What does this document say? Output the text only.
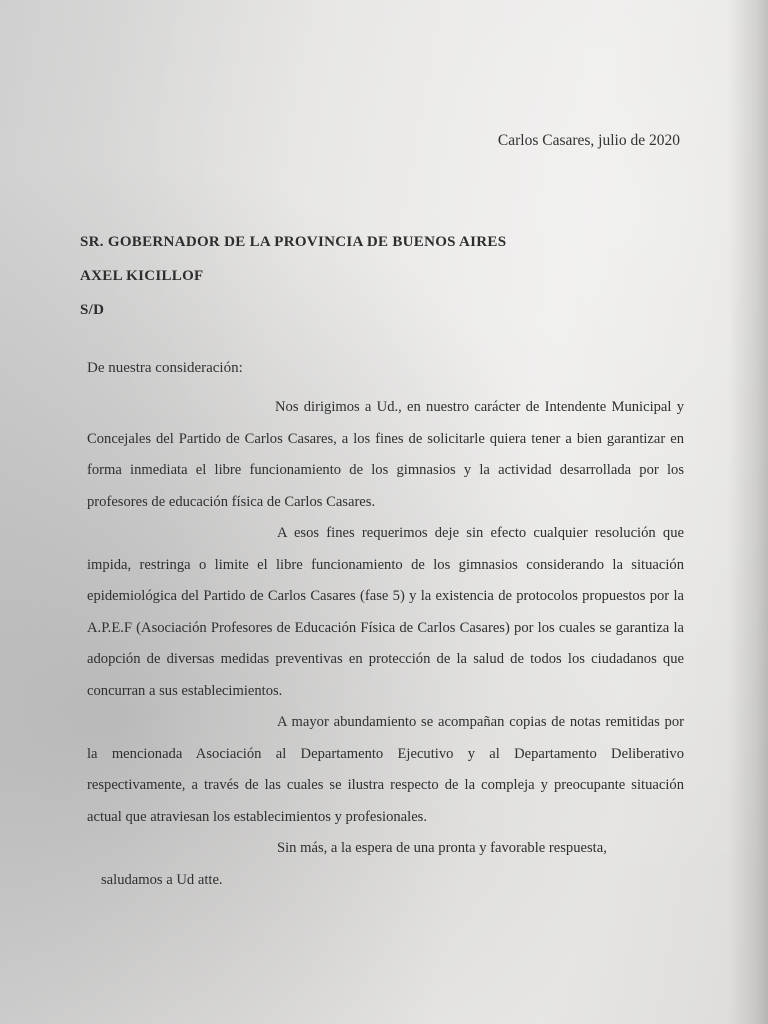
Carlos Casares, julio de 2020
SR. GOBERNADOR DE LA PROVINCIA DE BUENOS AIRES
AXEL KICILLOF
S/D
De nuestra consideración:

Nos dirigimos a Ud., en nuestro carácter de Intendente Municipal y Concejales del Partido de Carlos Casares, a los fines de solicitarle quiera tener a bien garantizar en forma inmediata el libre funcionamiento de los gimnasios y la actividad desarrollada por los profesores de educación física de Carlos Casares.

A esos fines requerimos deje sin efecto cualquier resolución que impida, restringa o limite el libre funcionamiento de los gimnasios considerando la situación epidemiológica del Partido de Carlos Casares (fase 5) y la existencia de protocolos propuestos por la A.P.E.F (Asociación Profesores de Educación Física de Carlos Casares) por los cuales se garantiza la adopción de diversas medidas preventivas en protección de la salud de todos los ciudadanos que concurran a sus establecimientos.

A mayor abundamiento se acompañan copias de notas remitidas por la mencionada Asociación al Departamento Ejecutivo y al Departamento Deliberativo respectivamente, a través de las cuales se ilustra respecto de la compleja y preocupante situación actual que atraviesan los establecimientos y profesionales.

Sin más, a la espera de una pronta y favorable respuesta,

saludamos a Ud atte.
